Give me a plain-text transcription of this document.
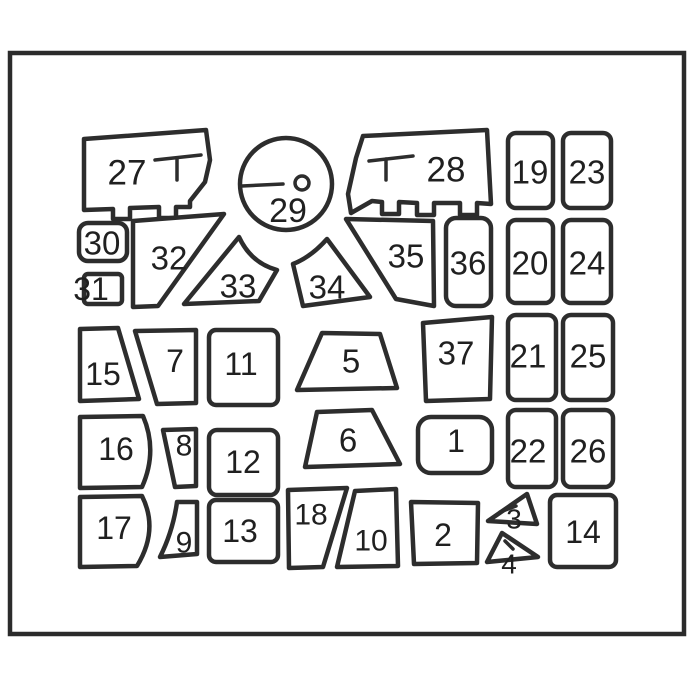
27	28
29
19 23
30
31
32
33 34
35 36 20 24
15 7 11	5 37 21 25
16 8 12
6	1 22 26
17 9 13 18
10 2 3
4
14
